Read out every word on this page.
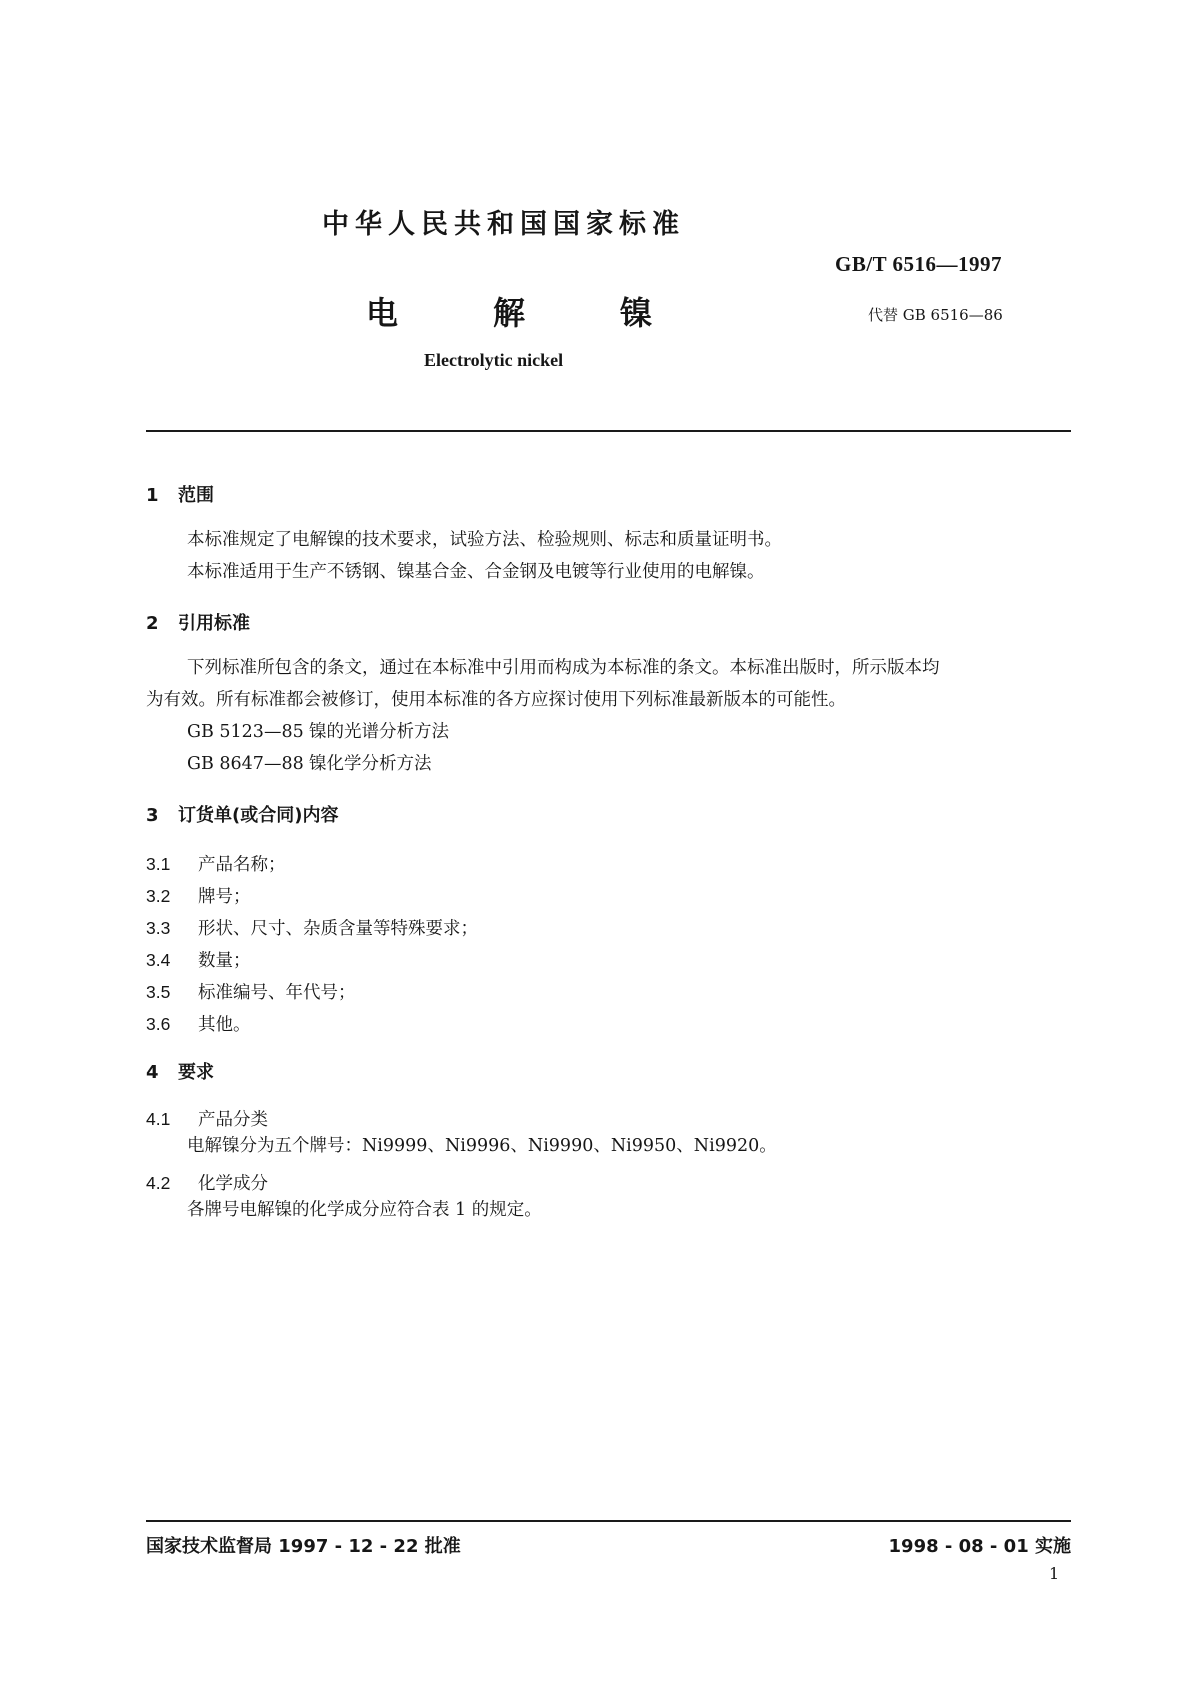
中华人民共和国国家标准
GB/T 6516—1997
电	解	镍	代替 GB 6516—86
Electrolytic nickel
1 范围
本标准规定了电解镍的技术要求，试验方法、检验规则、标志和质量证明书。
本标准适用于生产不锈钢、镍基合金、合金钢及电镀等行业使用的电解镍。
2 引用标准
下列标准所包含的条文，通过在本标准中引用而构成为本标准的条文。本标准出版时，所示版本均
为有效。所有标准都会被修订，使用本标准的各方应探讨使用下列标准最新版本的可能性。
GB 5123—85 镍的光谱分析方法
GB 8647—88 镍化学分析方法
3 订货单(或合同)内容
3.1 产品名称；
3.2 牌号；
3.3 形状、尺寸、杂质含量等特殊要求；
3.4 数量；
3.5 标准编号、年代号；
3.6 其他。
4 要求
4.1 产品分类
电解镍分为五个牌号：Ni9999、Ni9996、Ni9990、Ni9950、Ni9920。
4.2 化学成分
各牌号电解镍的化学成分应符合表 1 的规定。
国家技术监督局 1997 - 12 - 22 批准	1998 - 08 - 01 实施
1
